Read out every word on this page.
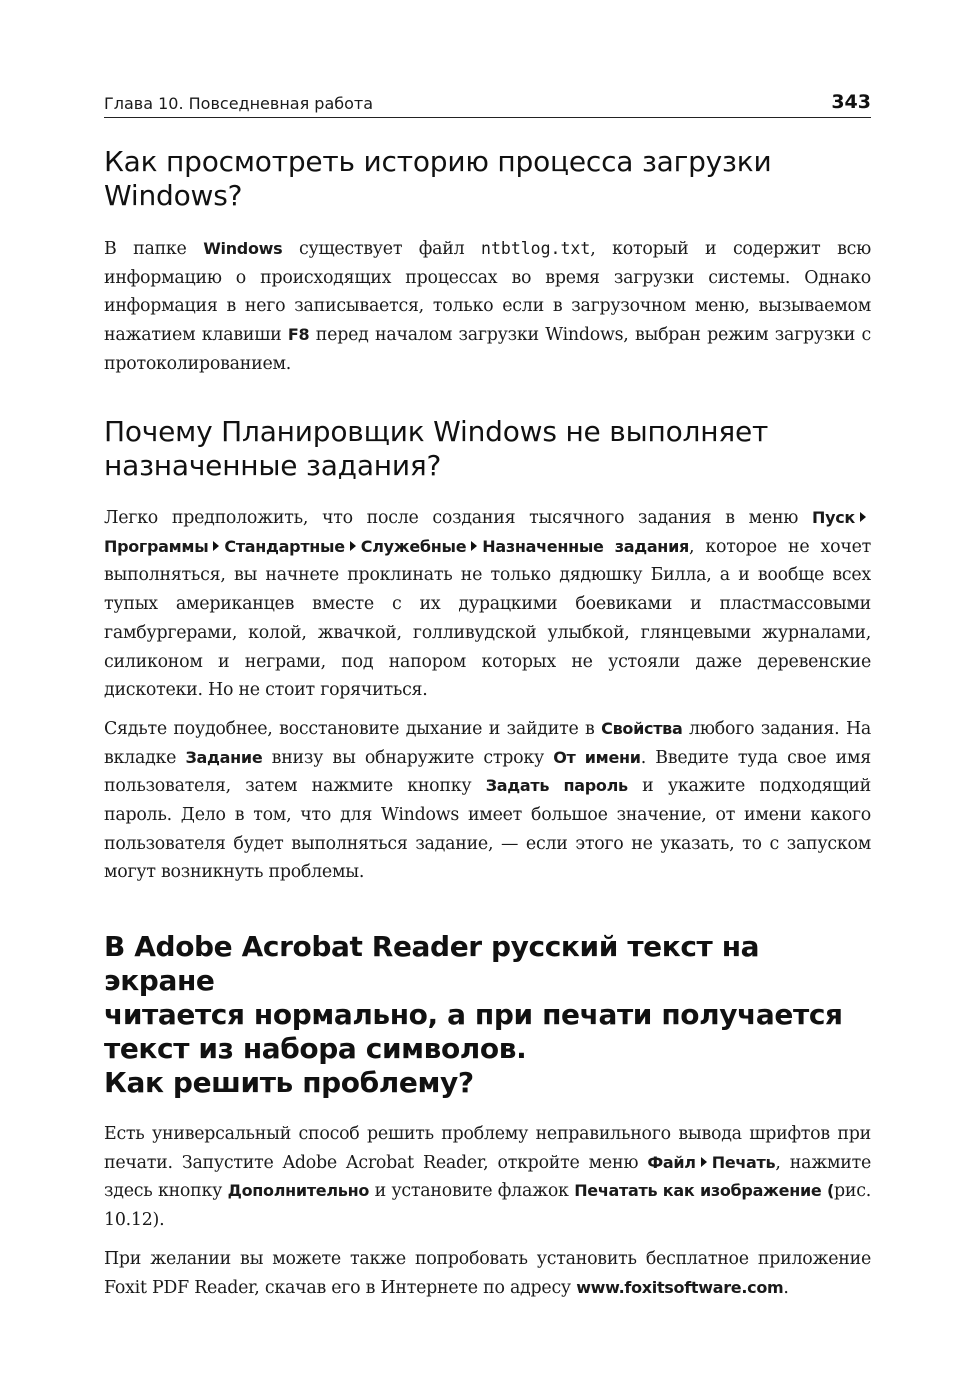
Глава 10. Повседневная работа	343
Как просмотреть историю процесса загрузки
Windows?

В папке Windows существует файл ntbtlog.txt, который и содержит всю информацию о происходящих процессах во время загрузки системы. Однако информация в него записывается, только если в загрузочном меню, вызываемом нажатием клавиши F8 перед началом загрузки Windows, выбран режим загрузки с протоколированием.

Почему Планировщик Windows не выполняет
назначенные задания?

Легко предположить, что после создания тысячного задания в меню ПускПрограммы Стандартные Служебные Назначенные задания, которое не хочет выполняться, вы начнете проклинать не только дядюшку Билла, а и вообще всех тупых американцев вместе с их дурацкими боевиками и пластмассовыми гамбургерами, колой, жвачкой, голливудской улыбкой, глянцевыми журналами, силиконом и неграми, под напором которых не устояли даже деревенские дискотеки. Но не стоит горячиться.

Сядьте поудобнее, восстановите дыхание и зайдите в Свойства любого задания. На вкладке Задание внизу вы обнаружите строку От имени. Введите туда свое имя пользователя, затем нажмите кнопку Задать пароль и укажите подходящий пароль. Дело в том, что для Windows имеет большое значение, от имени какого пользователя будет выполняться задание, — если этого не указать, то с запуском могут возникнуть проблемы.

В Adobe Acrobat Reader русский текст на экране
читается нормально, а при печати получается
текст из набора символов.
Как решить проблему?

Есть универсальный способ решить проблему неправильного вывода шрифтов при печати. Запустите Adobe Acrobat Reader, откройте меню Файл Печать, нажмите здесь кнопку Дополнительно и установите флажок Печатать как изображение (рис. 10.12).

При желании вы можете также попробовать установить бесплатное приложение Foxit PDF Reader, скачав его в Интернете по адресу www.foxitsoftware.com.
